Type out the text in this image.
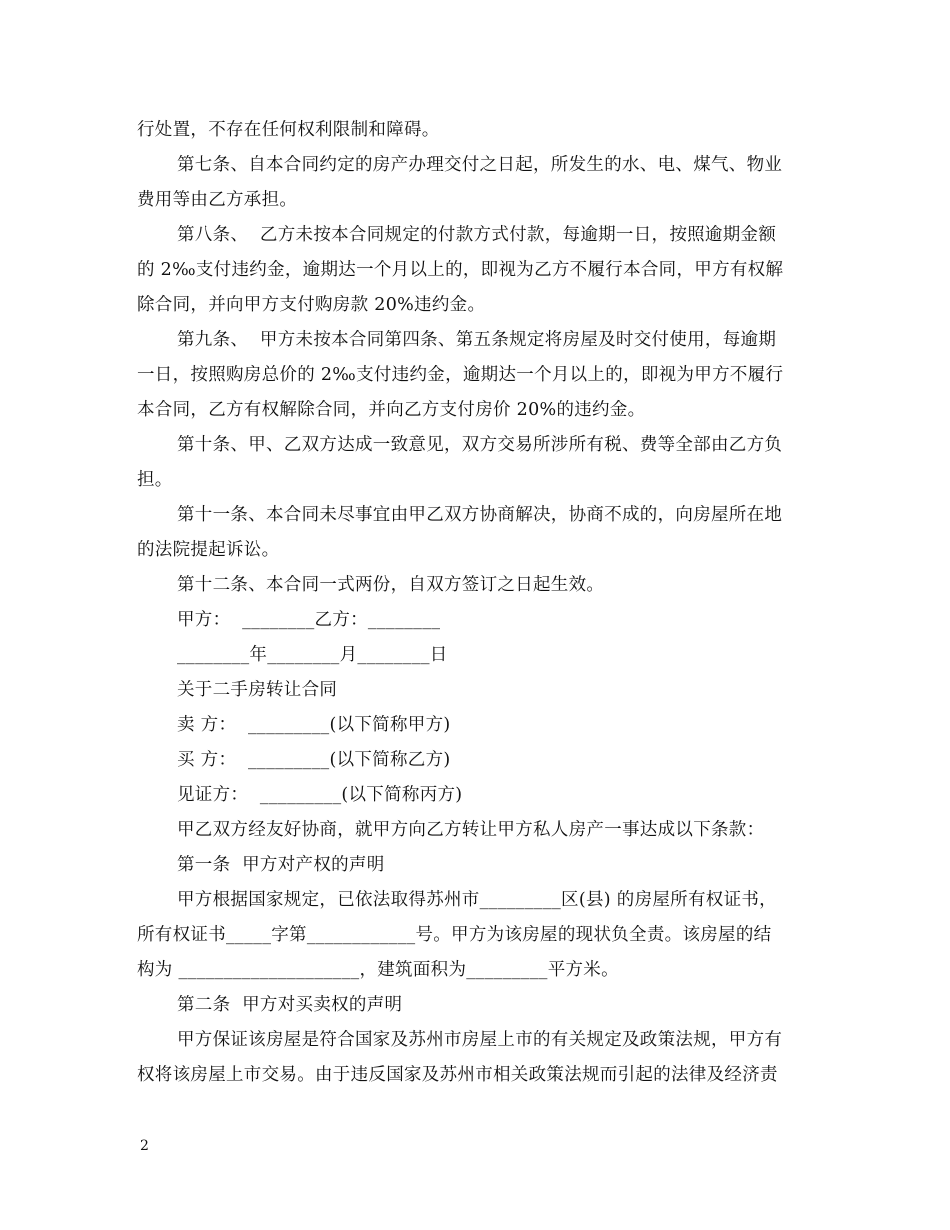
行处置，不存在任何权利限制和障碍。
第七条、自本合同约定的房产办理交付之日起，所发生的水、电、煤气、物业
费用等由乙方承担。
第八条、  乙方未按本合同规定的付款方式付款，每逾期一日，按照逾期金额
的 2‰支付违约金，逾期达一个月以上的，即视为乙方不履行本合同，甲方有权解
除合同，并向甲方支付购房款 20%违约金。
第九条、  甲方未按本合同第四条、第五条规定将房屋及时交付使用，每逾期
一日，按照购房总价的 2‰支付违约金，逾期达一个月以上的，即视为甲方不履行
本合同，乙方有权解除合同，并向乙方支付房价 20%的违约金。
第十条、甲、乙双方达成一致意见，双方交易所涉所有税、费等全部由乙方负
担。
第十一条、本合同未尽事宜由甲乙双方协商解决，协商不成的，向房屋所在地
的法院提起诉讼。
第十二条、本合同一式两份，自双方签订之日起生效。
甲方：  ________乙方：________
________年________月________日
关于二手房转让合同
卖 方：  _________(以下简称甲方)
买 方：  _________(以下简称乙方)
见证方：  _________(以下简称丙方)
甲乙双方经友好协商，就甲方向乙方转让甲方私人房产一事达成以下条款：
第一条  甲方对产权的声明
甲方根据国家规定，已依法取得苏州市_________区(县) 的房屋所有权证书，
所有权证书_____字第____________号。甲方为该房屋的现状负全责。该房屋的结
构为 ____________________，建筑面积为_________平方米。
第二条  甲方对买卖权的声明
甲方保证该房屋是符合国家及苏州市房屋上市的有关规定及政策法规，甲方有
权将该房屋上市交易。由于违反国家及苏州市相关政策法规而引起的法律及经济责
2
